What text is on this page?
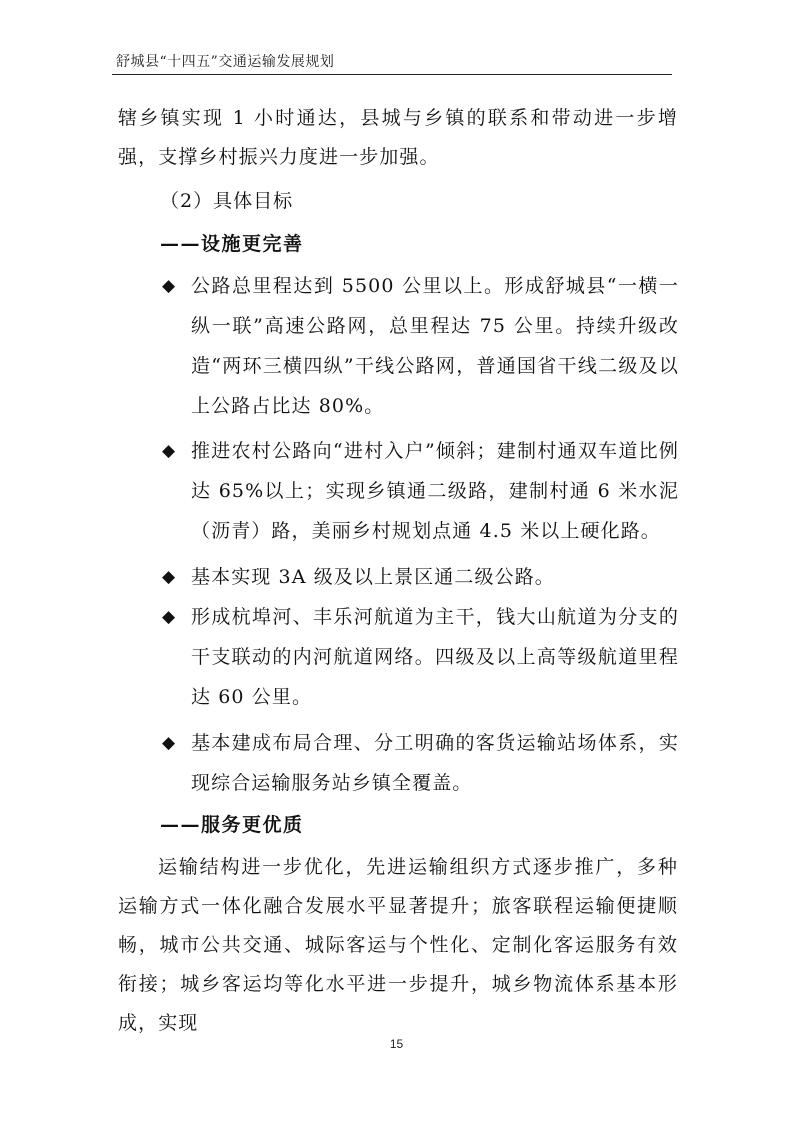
舒城县“十四五”交通运输发展规划
辖乡镇实现 1 小时通达，县城与乡镇的联系和带动进一步增强，支撑乡村振兴力度进一步加强。
（2）具体目标
——设施更完善
◆ 公路总里程达到 5500 公里以上。形成舒城县“一横一纵一联”高速公路网，总里程达 75 公里。持续升级改造“两环三横四纵”干线公路网，普通国省干线二级及以上公路占比达 80%。
◆ 推进农村公路向“进村入户”倾斜；建制村通双车道比例达 65%以上；实现乡镇通二级路，建制村通 6 米水泥（沥青）路，美丽乡村规划点通 4.5 米以上硬化路。
◆ 基本实现 3A 级及以上景区通二级公路。
◆ 形成杭埠河、丰乐河航道为主干，钱大山航道为分支的干支联动的内河航道网络。四级及以上高等级航道里程达 60 公里。
◆ 基本建成布局合理、分工明确的客货运输站场体系，实现综合运输服务站乡镇全覆盖。
——服务更优质
运输结构进一步优化，先进运输组织方式逐步推广，多种运输方式一体化融合发展水平显著提升；旅客联程运输便捷顺畅，城市公共交通、城际客运与个性化、定制化客运服务有效衔接；城乡客运均等化水平进一步提升，城乡物流体系基本形成，实现
15
